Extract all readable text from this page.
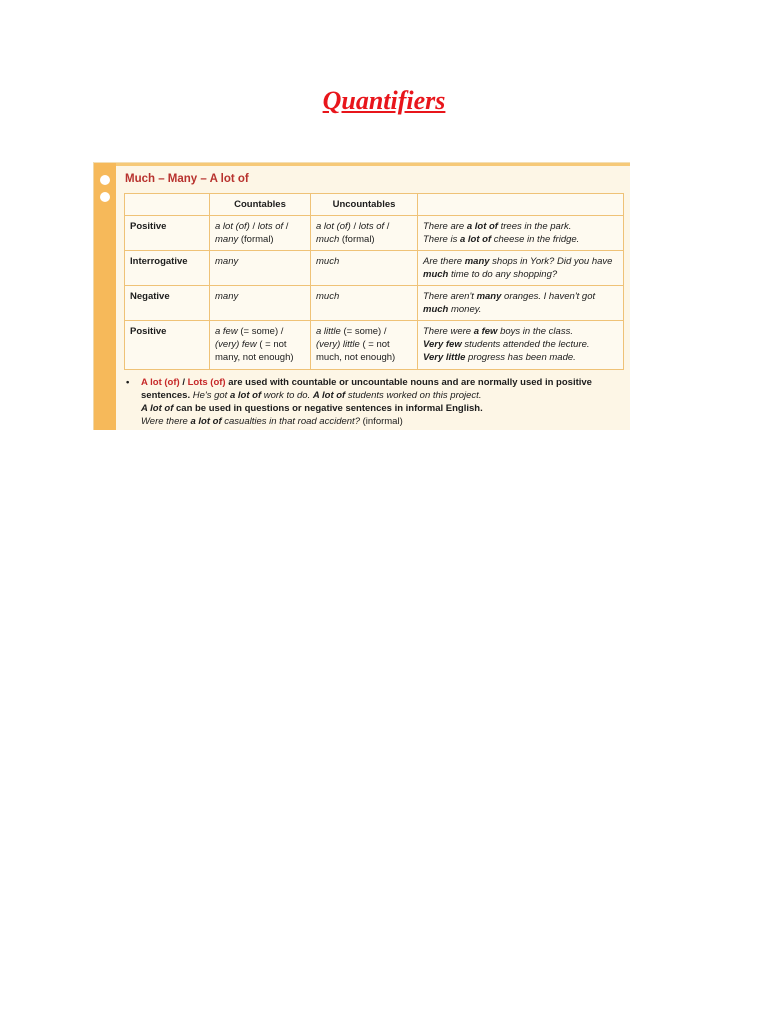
Quantifiers
Much – Many – A lot of
	Countables	Uncountables	
Positive	a lot (of) / lots of / many (formal)	a lot (of) / lots of / much (formal)	There are a lot of trees in the park.
There is a lot of cheese in the fridge.
Interrogative	many	much	Are there many shops in York? Did you have much time to do any shopping?
Negative	many	much	There aren't many oranges. I haven't got much money.
Positive	a few (= some) / (very) few ( = not many, not enough)	a little (= some) / (very) little ( = not much, not enough)	There were a few boys in the class.
Very few students attended the lecture.
Very little progress has been made.
•	A lot (of) / Lots (of) are used with countable or uncountable nouns and are normally used in positive sentences. He's got a lot of work to do. A lot of students worked on this project.
A lot of can be used in questions or negative sentences in informal English.
Were there a lot of casualties in that road accident? (informal)
